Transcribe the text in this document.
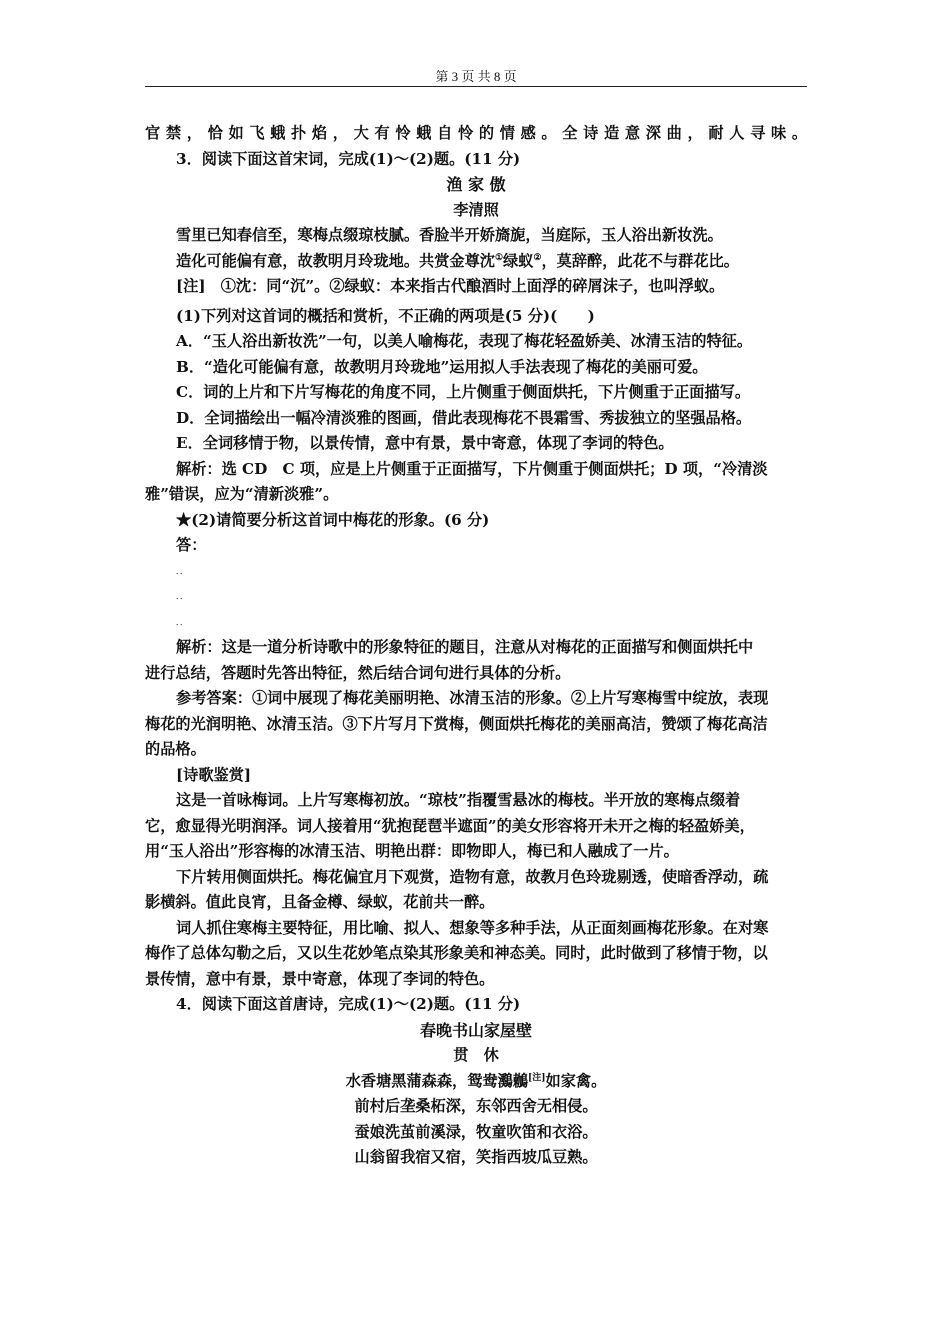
第 3 页 共 8 页
官禁，恰如飞蛾扑焰，大有怜蛾自怜的情感。全诗造意深曲，耐人寻味。
3．阅读下面这首宋词，完成(1)～(2)题。(11 分)
渔 家 傲
李清照
雪里已知春信至，寒梅点缀琼枝腻。香脸半开娇旖旎，当庭际，玉人浴出新妆洗。
造化可能偏有意，故教明月玲珑地。共赏金尊沈①绿蚁②，莫辞醉，此花不与群花比。
[注]　①沈：同“沉”。②绿蚁：本来指古代酿酒时上面浮的碎屑沫子，也叫浮蚁。
(1)下列对这首词的概括和赏析，不正确的两项是(5 分)(　　)
A．“玉人浴出新妆洗”一句，以美人喻梅花，表现了梅花轻盈娇美、冰清玉洁的特征。
B．“造化可能偏有意，故教明月玲珑地”运用拟人手法表现了梅花的美丽可爱。
C．词的上片和下片写梅花的角度不同，上片侧重于侧面烘托，下片侧重于正面描写。
D．全词描绘出一幅冷清淡雅的图画，借此表现梅花不畏霜雪、秀拔独立的坚强品格。
E．全词移情于物，以景传情，意中有景，景中寄意，体现了李词的特色。
解析：选 CD　C 项，应是上片侧重于正面描写，下片侧重于侧面烘托；D 项，“冷清淡
雅”错误，应为“清新淡雅”。
★(2)请简要分析这首词中梅花的形象。(6 分)
答：
．．
．．
．．
解析：这是一道分析诗歌中的形象特征的题目，注意从对梅花的正面描写和侧面烘托中
进行总结，答题时先答出特征，然后结合词句进行具体的分析。
参考答案：①词中展现了梅花美丽明艳、冰清玉洁的形象。②上片写寒梅雪中绽放，表现
梅花的光润明艳、冰清玉洁。③下片写月下赏梅，侧面烘托梅花的美丽高洁，赞颂了梅花高洁
的品格。
[诗歌鉴赏]
这是一首咏梅词。上片写寒梅初放。“琼枝”指覆雪悬冰的梅枝。半开放的寒梅点缀着
它，愈显得光明润泽。词人接着用“犹抱琵琶半遮面”的美女形容将开未开之梅的轻盈娇美，
用“玉人浴出”形容梅的冰清玉洁、明艳出群：即物即人，梅已和人融成了一片。
下片转用侧面烘托。梅花偏宜月下观赏，造物有意，故教月色玲珑剔透，使暗香浮动，疏
影横斜。值此良宵，且备金樽、绿蚁，花前共一醉。
词人抓住寒梅主要特征，用比喻、拟人、想象等多种手法，从正面刻画梅花形象。在对寒
梅作了总体勾勒之后，又以生花妙笔点染其形象美和神态美。同时，此时做到了移情于物，以
景传情，意中有景，景中寄意，体现了李词的特色。
4．阅读下面这首唐诗，完成(1)～(2)题。(11 分)
春晚书山家屋壁
贯　休
水香塘黑蒲森森，鸳鸯鸂鶒[注]如家禽。
前村后垄桑柘深，东邻西舍无相侵。
蚕娘洗茧前溪渌，牧童吹笛和衣浴。
山翁留我宿又宿，笑指西坡瓜豆熟。
